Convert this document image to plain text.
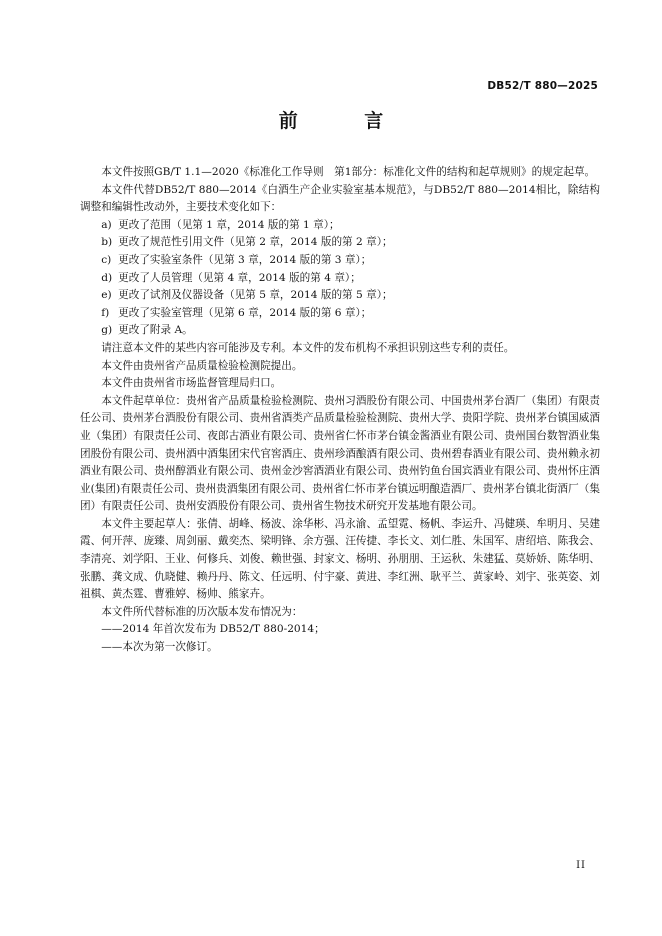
DB52/T 880—2025
前 言

本文件按照GB/T 1.1—2020《标准化工作导则　第1部分：标准化文件的结构和起草规则》的规定起草。

本文件代替DB52/T 880—2014《白酒生产企业实验室基本规范》，与DB52/T 880—2014相比，除结构调整和编辑性改动外，主要技术变化如下：

a) 更改了范围（见第 1 章，2014 版的第 1 章）；
b) 更改了规范性引用文件（见第 2 章，2014 版的第 2 章）；
c) 更改了实验室条件（见第 3 章，2014 版的第 3 章）；
d) 更改了人员管理（见第 4 章，2014 版的第 4 章）；
e) 更改了试剂及仪器设备（见第 5 章，2014 版的第 5 章）；
f) 更改了实验室管理（见第 6 章，2014 版的第 6 章）；
g) 更改了附录 A。

请注意本文件的某些内容可能涉及专利。本文件的发布机构不承担识别这些专利的责任。

本文件由贵州省产品质量检验检测院提出。

本文件由贵州省市场监督管理局归口。

本文件起草单位：贵州省产品质量检验检测院、贵州习酒股份有限公司、中国贵州茅台酒厂（集团）有限责任公司、贵州茅台酒股份有限公司、贵州省酒类产品质量检验检测院、贵州大学、贵阳学院、贵州茅台镇国威酒业（集团）有限责任公司、夜郎古酒业有限公司、贵州省仁怀市茅台镇金酱酒业有限公司、贵州国台数智酒业集团股份有限公司、贵州酒中酒集团宋代官窖酒庄、贵州珍酒酿酒有限公司、贵州碧春酒业有限公司、贵州赖永初酒业有限公司、贵州醇酒业有限公司、贵州金沙窖酒酒业有限公司、贵州钓鱼台国宾酒业有限公司、贵州怀庄酒业(集团)有限责任公司、贵州贵酒集团有限公司、贵州省仁怀市茅台镇远明酿造酒厂、贵州茅台镇北街酒厂（集团）有限责任公司、贵州安酒股份有限公司、贵州省生物技术研究开发基地有限公司。

本文件主要起草人：张倩、胡峰、杨波、涂华彬、冯永渝、孟望霓、杨帆、李运升、冯健瑛、牟明月、吴建霞、何开萍、庞臻、周剑丽、戴奕杰、梁明锋、余方强、汪传捷、李长文、刘仁胜、朱国军、唐绍培、陈我会、李清亮、刘学阳、王业、何修兵、刘俊、赖世强、封家文、杨明、孙朋朋、王运秋、朱建猛、莫娇娇、陈华明、张鹏、龚文成、仇晓健、赖丹丹、陈文、任远明、付宇豪、黄进、李红洲、耿平兰、黄家岭、刘宇、张英姿、刘祖棋、黄杰霆、曹雅婷、杨帅、熊家卉。

本文件所代替标准的历次版本发布情况为：

——2014 年首次发布为 DB52/T 880-2014；
——本次为第一次修订。
II
